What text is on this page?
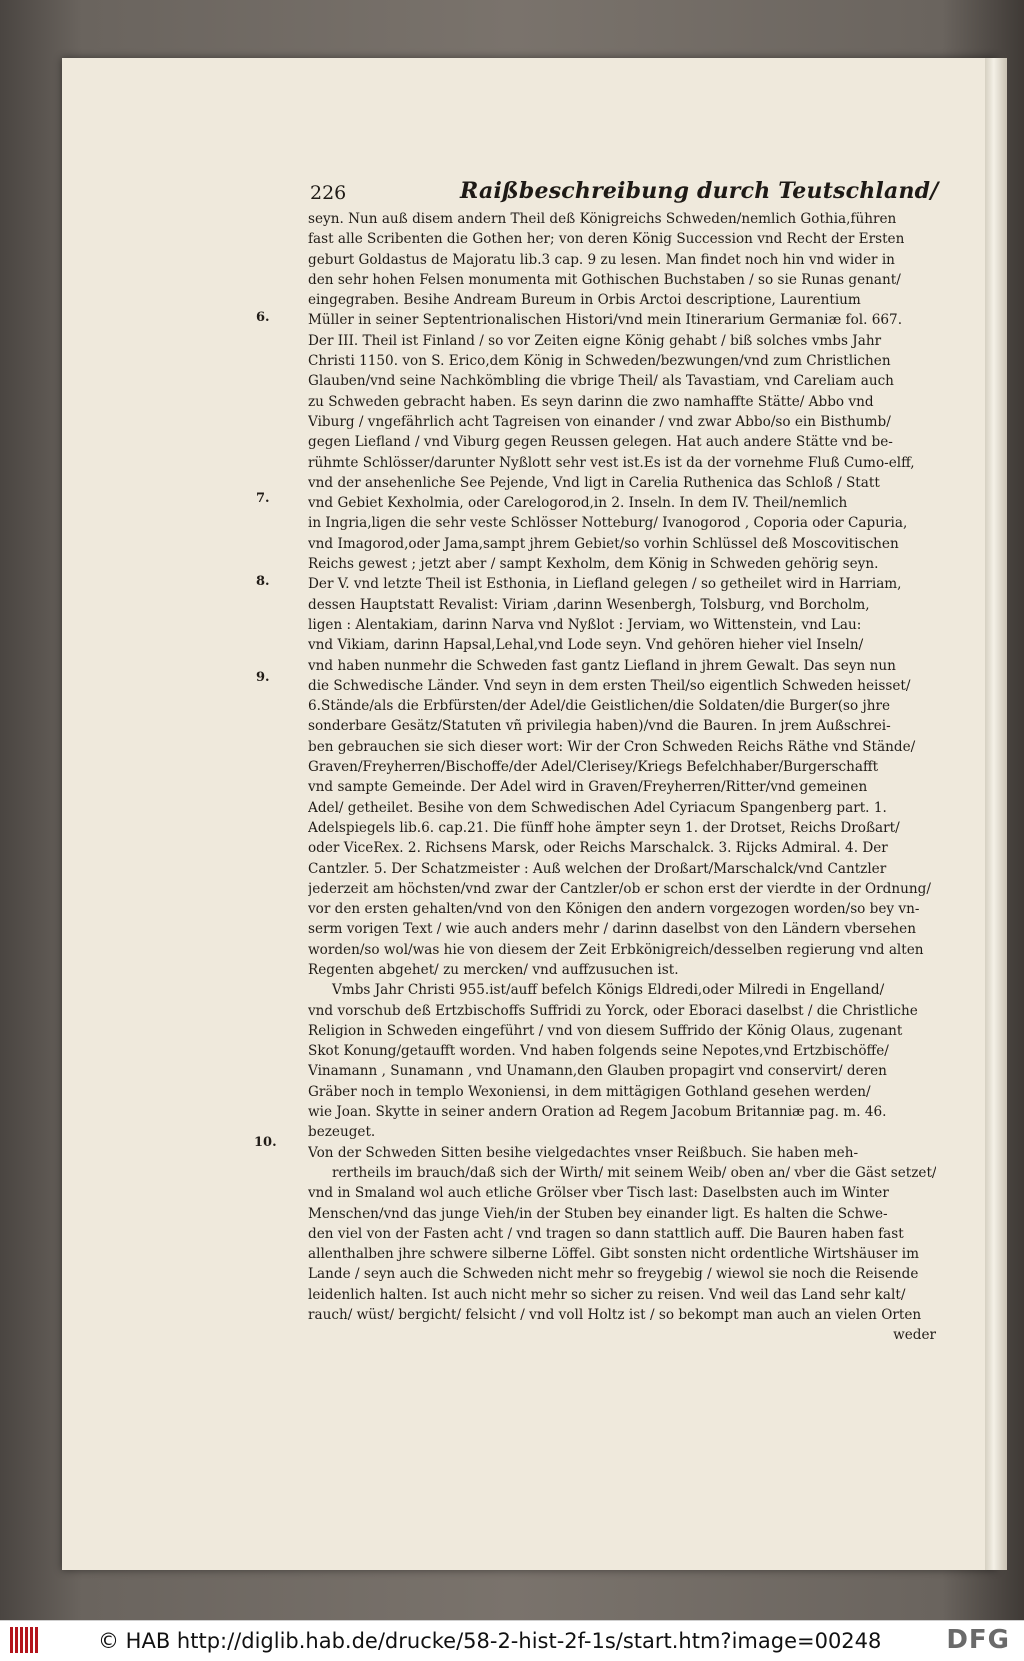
226	Raißbeschreibung durch Teutschland/
6.
7.
8.
9.
10.
seyn. Nun auß disem andern Theil deß Königreichs Schweden/nemlich Gothia,führen
fast alle Scribenten die Gothen her; von deren König Succession vnd Recht der Ersten
geburt Goldastus de Majoratu lib.3 cap. 9 zu lesen. Man findet noch hin vnd wider in
den sehr hohen Felsen monumenta mit Gothischen Buchstaben / so sie Runas genant/
eingegraben. Besihe Andream Bureum in Orbis Arctoi descriptione, Laurentium
Müller in seiner Septentrionalischen Histori/vnd mein Itinerarium Germaniæ fol. 667.
Der III. Theil ist Finland / so vor Zeiten eigne König gehabt / biß solches vmbs Jahr
Christi 1150. von S. Erico,dem König in Schweden/bezwungen/vnd zum Christlichen
Glauben/vnd seine Nachkömbling die vbrige Theil/ als Tavastiam, vnd Careliam auch
zu Schweden gebracht haben. Es seyn darinn die zwo namhaffte Stätte/ Abbo vnd
Viburg / vngefährlich acht Tagreisen von einander / vnd zwar Abbo/so ein Bisthumb/
gegen Liefland / vnd Viburg gegen Reussen gelegen. Hat auch andere Stätte vnd be-
rühmte Schlösser/darunter Nyßlott sehr vest ist.Es ist da der vornehme Fluß Cumo-elff,
vnd der ansehenliche See Pejende, Vnd ligt in Carelia Ruthenica das Schloß / Statt
vnd Gebiet Kexholmia, oder Carelogorod,in 2. Inseln. In dem IV. Theil/nemlich
in Ingria,ligen die sehr veste Schlösser Notteburg/ Ivanogorod , Coporia oder Capuria,
vnd Imagorod,oder Jama,sampt jhrem Gebiet/so vorhin Schlüssel deß Moscovitischen
Reichs gewest ; jetzt aber / sampt Kexholm, dem König in Schweden gehörig seyn.
Der V. vnd letzte Theil ist Esthonia, in Liefland gelegen / so getheilet wird in Harriam,
dessen Hauptstatt Revalist: Viriam ,darinn Wesenbergh, Tolsburg, vnd Borcholm,
ligen : Alentakiam, darinn Narva vnd Nyßlot : Jerviam, wo Wittenstein, vnd Lau:
vnd Vikiam, darinn Hapsal,Lehal,vnd Lode seyn. Vnd gehören hieher viel Inseln/
vnd haben nunmehr die Schweden fast gantz Liefland in jhrem Gewalt. Das seyn nun
die Schwedische Länder. Vnd seyn in dem ersten Theil/so eigentlich Schweden heisset/
6.Stände/als die Erbfürsten/der Adel/die Geistlichen/die Soldaten/die Burger(so jhre
sonderbare Gesätz/Statuten vñ privilegia haben)/vnd die Bauren. In jrem Außschrei-
ben gebrauchen sie sich dieser wort: Wir der Cron Schweden Reichs Räthe vnd Stände/
Graven/Freyherren/Bischoffe/der Adel/Clerisey/Kriegs Befelchhaber/Burgerschafft
vnd sampte Gemeinde. Der Adel wird in Graven/Freyherren/Ritter/vnd gemeinen
Adel/ getheilet. Besihe von dem Schwedischen Adel Cyriacum Spangenberg part. 1.
Adelspiegels lib.6. cap.21. Die fünff hohe ämpter seyn 1. der Drotset, Reichs Droßart/
oder ViceRex. 2. Richsens Marsk, oder Reichs Marschalck. 3. Rijcks Admiral. 4. Der
Cantzler. 5. Der Schatzmeister : Auß welchen der Droßart/Marschalck/vnd Cantzler
jederzeit am höchsten/vnd zwar der Cantzler/ob er schon erst der vierdte in der Ordnung/
vor den ersten gehalten/vnd von den Königen den andern vorgezogen worden/so bey vn-
serm vorigen Text / wie auch anders mehr / darinn daselbst von den Ländern vbersehen
worden/so wol/was hie von diesem der Zeit Erbkönigreich/desselben regierung vnd alten
Regenten abgehet/ zu mercken/ vnd auffzusuchen ist.
Vmbs Jahr Christi 955.ist/auff befelch Königs Eldredi,oder Milredi in Engelland/
vnd vorschub deß Ertzbischoffs Suffridi zu Yorck, oder Eboraci daselbst / die Christliche
Religion in Schweden eingeführt / vnd von diesem Suffrido der König Olaus, zugenant
Skot Konung/getaufft worden. Vnd haben folgends seine Nepotes,vnd Ertzbischöffe/
Vinamann , Sunamann , vnd Unamann,den Glauben propagirt vnd conservirt/ deren
Gräber noch in templo Wexoniensi, in dem mittägigen Gothland gesehen werden/
wie Joan. Skytte in seiner andern Oration ad Regem Jacobum Britanniæ pag. m. 46.
bezeuget.
Von der Schweden Sitten besihe vielgedachtes vnser Reißbuch. Sie haben meh-
rertheils im brauch/daß sich der Wirth/ mit seinem Weib/ oben an/ vber die Gäst setzet/
vnd in Smaland wol auch etliche Grölser vber Tisch last: Daselbsten auch im Winter
Menschen/vnd das junge Vieh/in der Stuben bey einander ligt. Es halten die Schwe-
den viel von der Fasten acht / vnd tragen so dann stattlich auff. Die Bauren haben fast
allenthalben jhre schwere silberne Löffel. Gibt sonsten nicht ordentliche Wirtshäuser im
Lande / seyn auch die Schweden nicht mehr so freygebig / wiewol sie noch die Reisende
leidenlich halten. Ist auch nicht mehr so sicher zu reisen. Vnd weil das Land sehr kalt/
rauch/ wüst/ bergicht/ felsicht / vnd voll Holtz ist / so bekompt man auch an vielen Orten
weder
© HAB http://diglib.hab.de/drucke/58-2-hist-2f-1s/start.htm?image=00248 DFG
